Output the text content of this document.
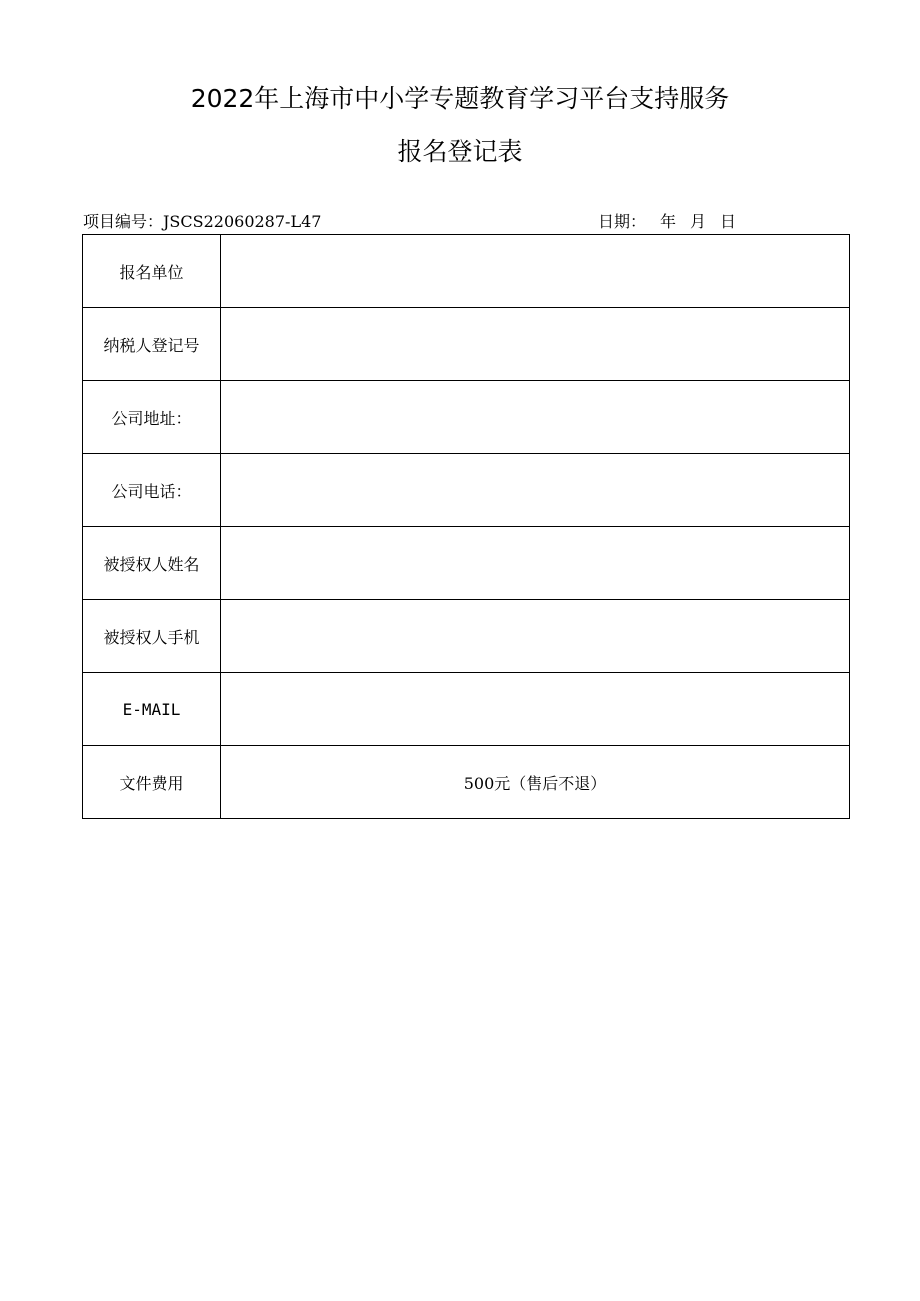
2022年上海市中小学专题教育学习平台支持服务
报名登记表
项目编号：JSCS22060287-L47	日期： 年 月 日
报名单位	
纳税人登记号	
公司地址：	
公司电话：	
被授权人姓名	
被授权人手机	
E-MAIL	
文件费用	500元（售后不退）
